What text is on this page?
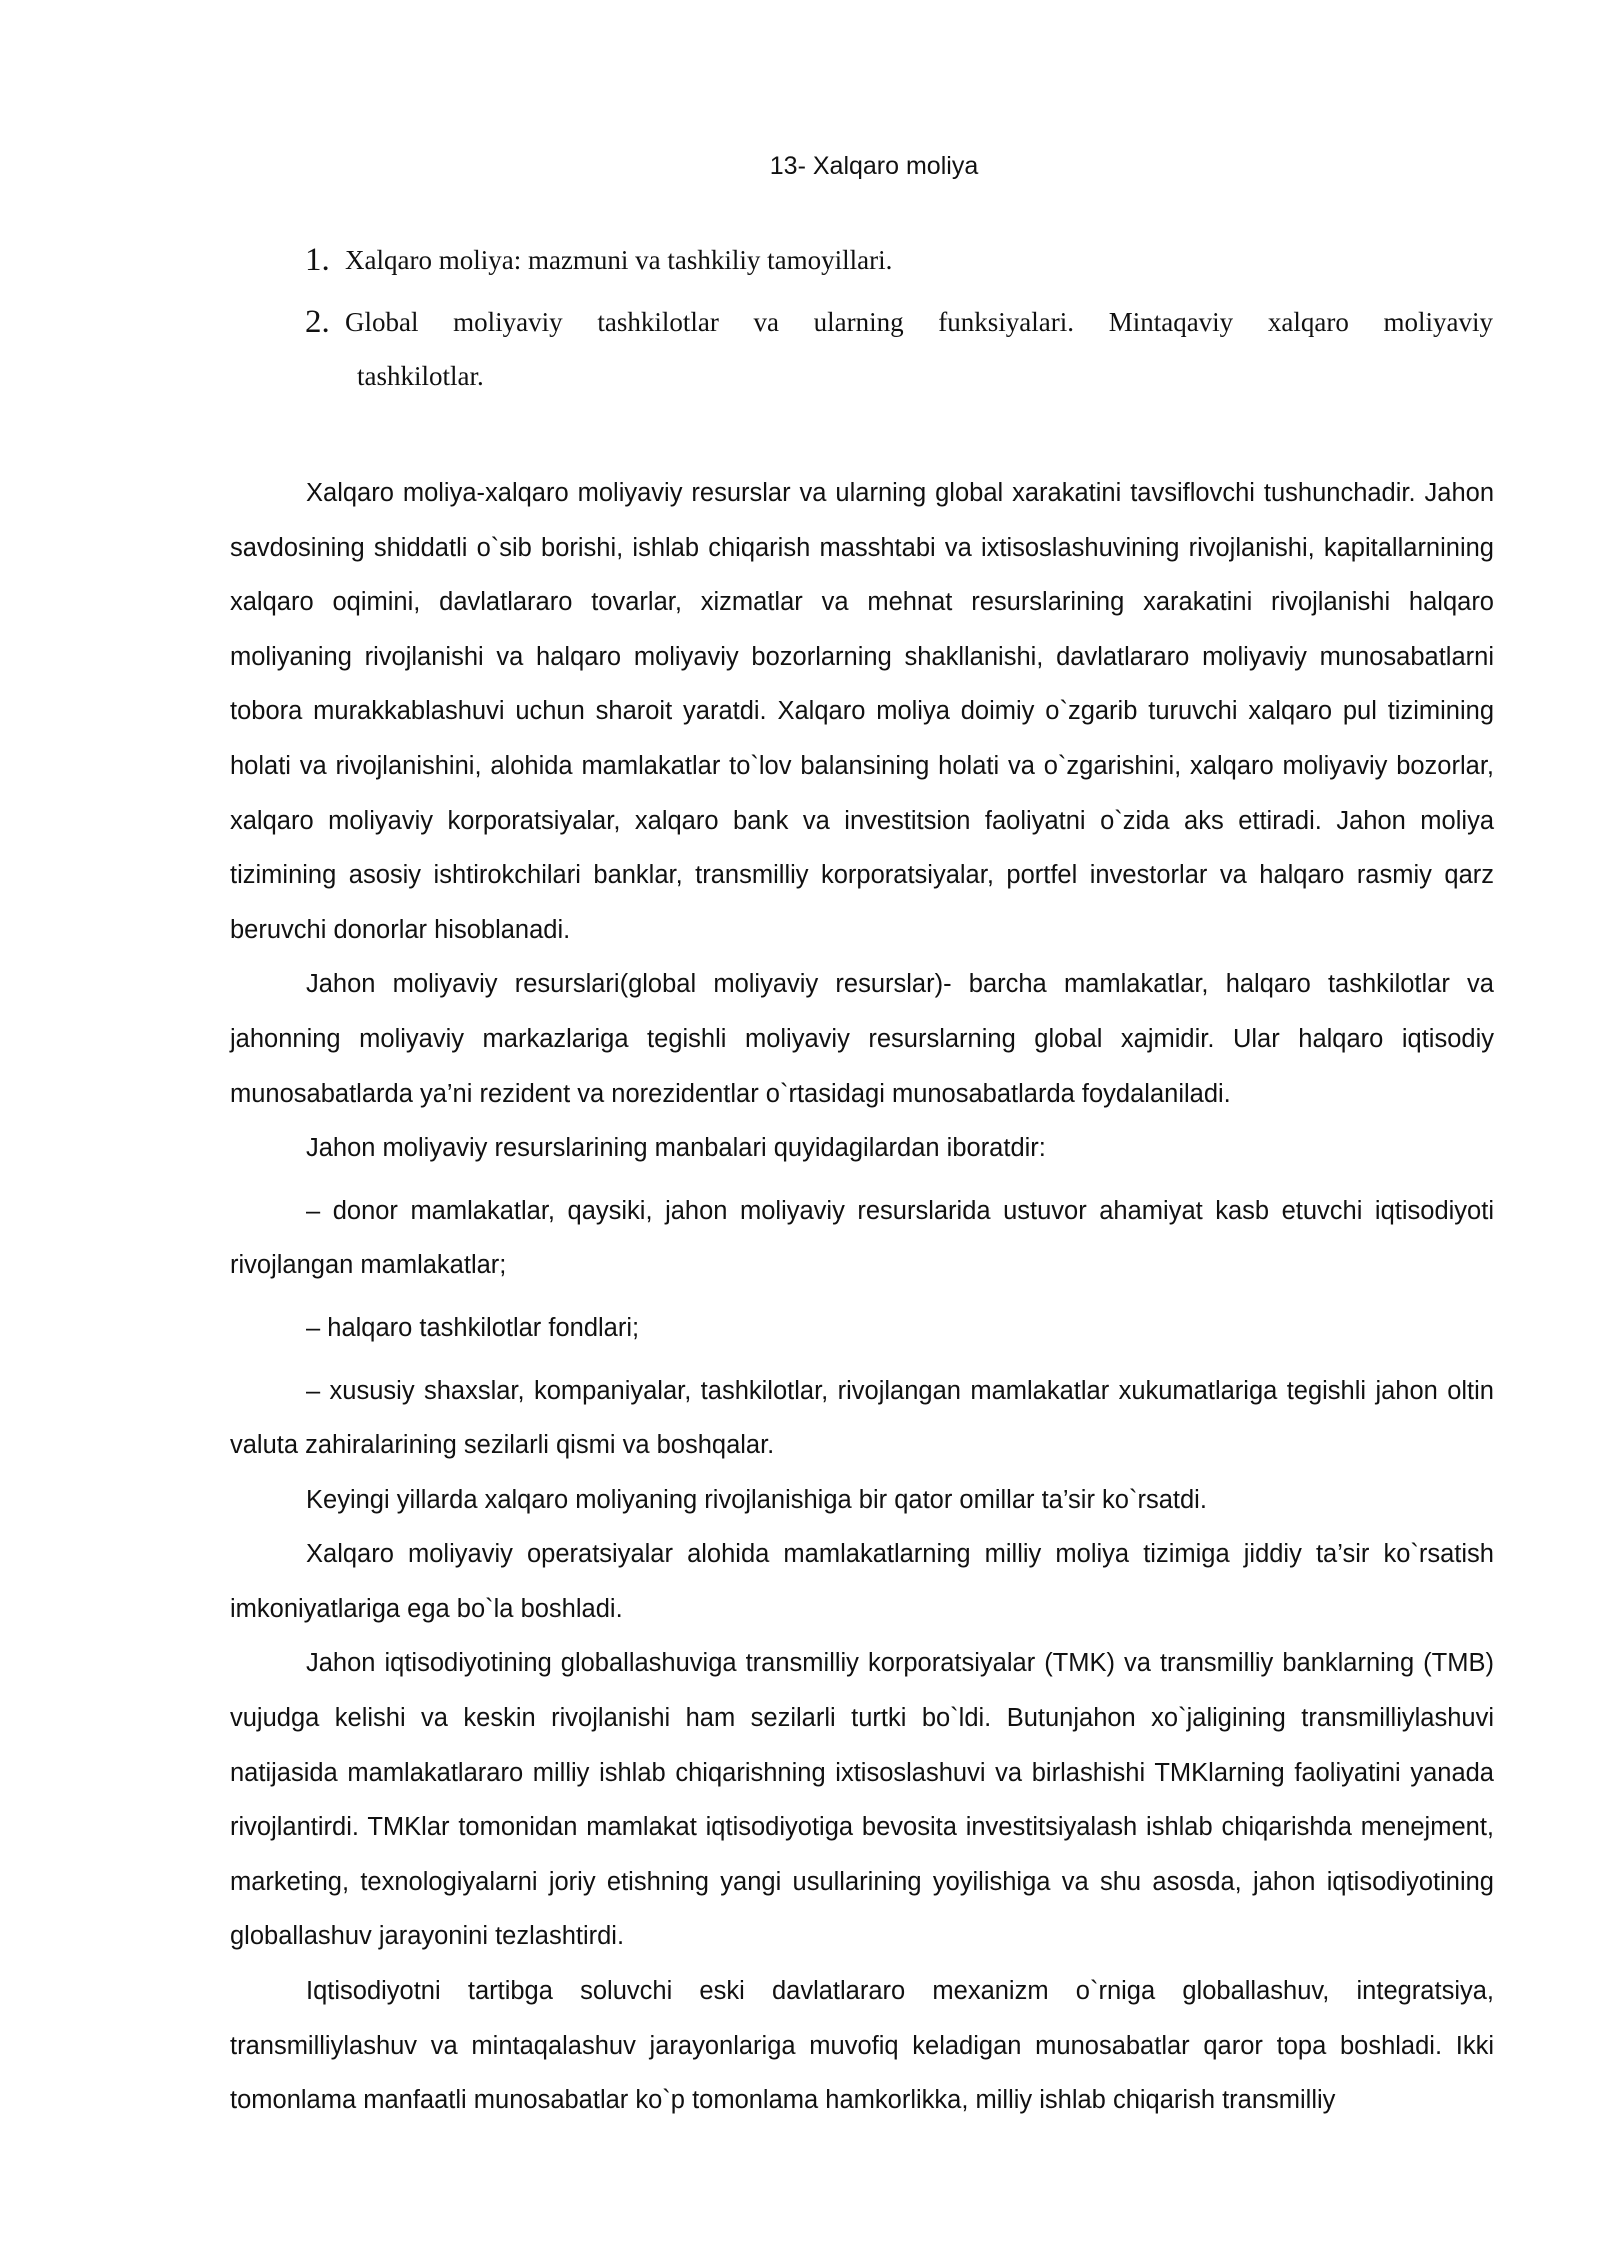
13- Xalqaro moliya
1. Xalqaro moliya: mazmuni va tashkiliy tamoyillari.
2. Global moliyaviy tashkilotlar va ularning funksiyalari. Mintaqaviy xalqaro moliyaviy
tashkilotlar.

Xalqaro moliya-xalqaro moliyaviy resurslar va ularning global xarakatini tavsiflovchi tushunchadir. Jahon savdosining shiddatli o`sib borishi, ishlab chiqarish masshtabi va ixtisoslashuvining rivojlanishi, kapitallarnining xalqaro oqimini, davlatlararo tovarlar, xizmatlar va mehnat resurslarining xarakatini rivojlanishi halqaro moliyaning rivojlanishi va halqaro moliyaviy bozorlarning shakllanishi, davlatlararo moliyaviy munosabatlarni tobora murakkablashuvi uchun sharoit yaratdi. Xalqaro moliya doimiy o`zgarib turuvchi xalqaro pul tizimining holati va rivojlanishini, alohida mamlakatlar to`lov balansining holati va o`zgarishini, xalqaro moliyaviy bozorlar, xalqaro moliyaviy korporatsiyalar, xalqaro bank va investitsion faoliyatni o`zida aks ettiradi. Jahon moliya tizimining asosiy ishtirokchilari banklar, transmilliy korporatsiyalar, portfel investorlar va halqaro rasmiy qarz beruvchi donorlar hisoblanadi.

Jahon moliyaviy resurslari(global moliyaviy resurslar)- barcha mamlakatlar, halqaro tashkilotlar va jahonning moliyaviy markazlariga tegishli moliyaviy resurslarning global xajmidir. Ular halqaro iqtisodiy munosabatlarda ya’ni rezident va norezidentlar o`rtasidagi munosabatlarda foydalaniladi.

Jahon moliyaviy resurslarining manbalari quyidagilardan iboratdir:

– donor mamlakatlar, qaysiki, jahon moliyaviy resurslarida ustuvor ahamiyat kasb etuvchi iqtisodiyoti rivojlangan mamlakatlar;

– halqaro tashkilotlar fondlari;

– xususiy shaxslar, kompaniyalar, tashkilotlar, rivojlangan mamlakatlar xukumatlariga tegishli jahon oltin valuta zahiralarining sezilarli qismi va boshqalar.

Keyingi yillarda xalqaro moliyaning rivojlanishiga bir qator omillar ta’sir ko`rsatdi.

Xalqaro moliyaviy operatsiyalar alohida mamlakatlarning milliy moliya tizimiga jiddiy ta’sir ko`rsatish imkoniyatlariga ega bo`la boshladi.

Jahon iqtisodiyotining globallashuviga transmilliy korporatsiyalar (TMK) va transmilliy banklarning (TMB) vujudga kelishi va keskin rivojlanishi ham sezilarli turtki bo`ldi. Butunjahon xo`jaligining transmilliylashuvi natijasida mamlakatlararo milliy ishlab chiqarishning ixtisoslashuvi va birlashishi TMKlarning faoliyatini yanada rivojlantirdi. TMKlar tomonidan mamlakat iqtisodiyotiga bevosita investitsiyalash ishlab chiqarishda menejment, marketing, texnologiyalarni joriy etishning yangi usullarining yoyilishiga va shu asosda, jahon iqtisodiyotining globallashuv jarayonini tezlashtirdi.

Iqtisodiyotni tartibga soluvchi eski davlatlararo mexanizm o`rniga globallashuv, integratsiya, transmilliylashuv va mintaqalashuv jarayonlariga muvofiq keladigan munosabatlar qaror topa boshladi. Ikki tomonlama manfaatli munosabatlar ko`p tomonlama hamkorlikka, milliy ishlab chiqarish transmilliy
